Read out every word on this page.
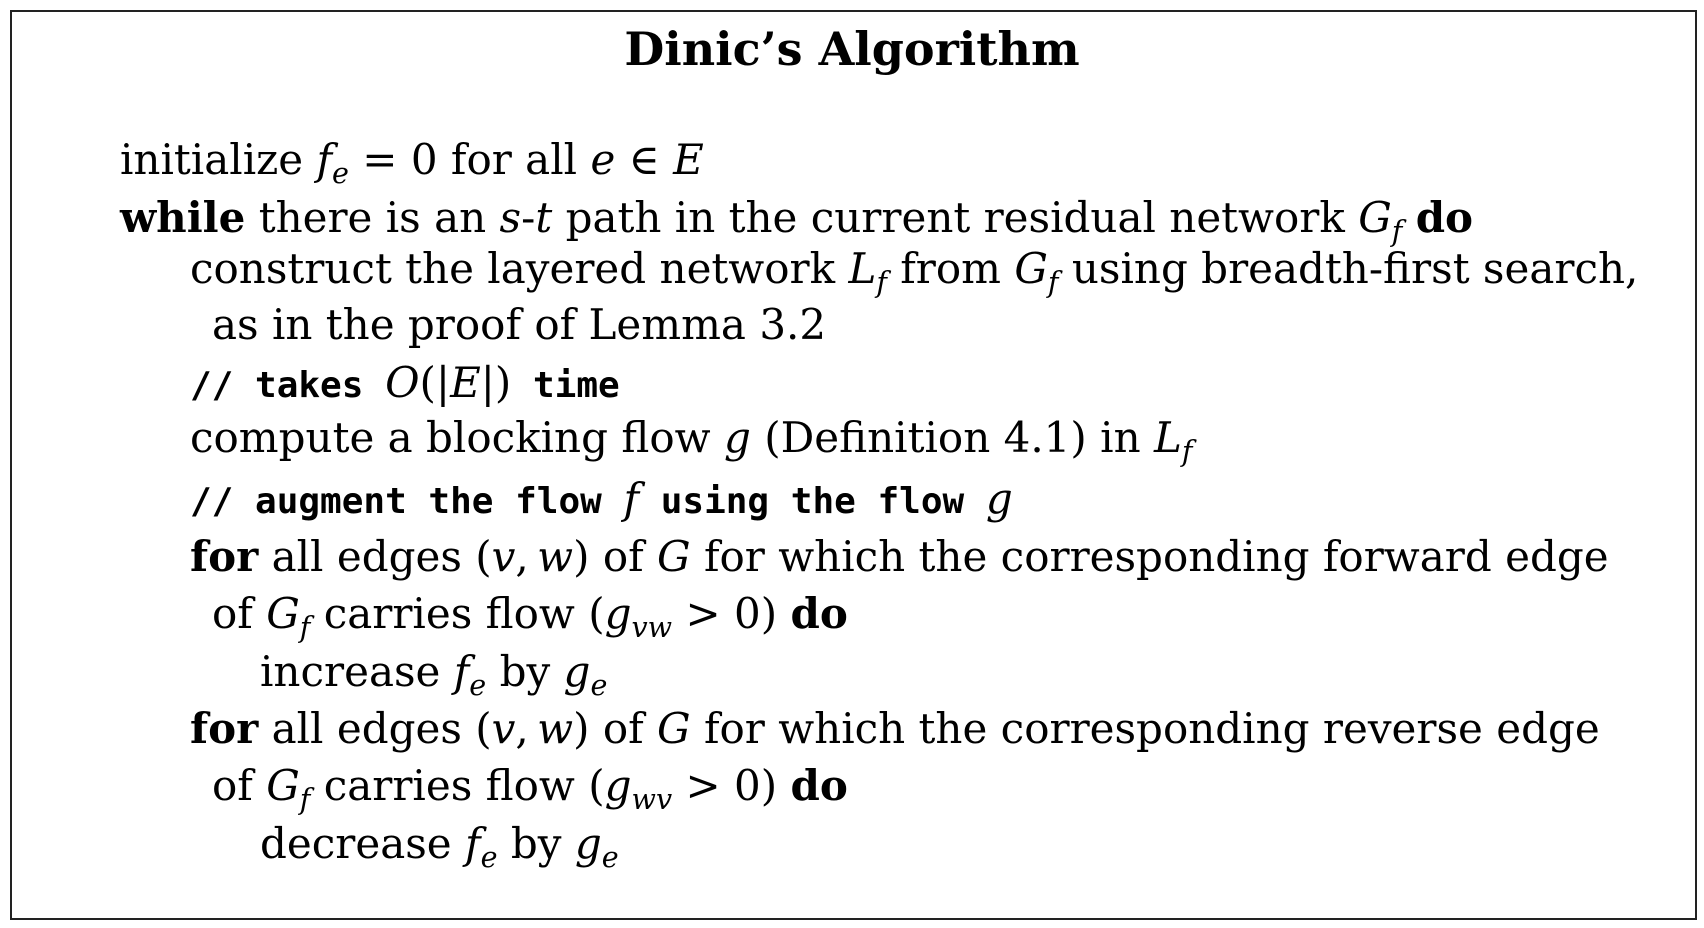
Dinic’s Algorithm
initialize $f_e = 0$ for all e ∈ E
while there is an s-t path in the current residual network $G_f$ do
construct the layered network $L_f$ from $G_f$ using breadth-first search,
as in the proof of Lemma 3.2
// takes O(|E|) time
compute a blocking flow g (Definition 4.1) in $L_f$
// augment the flow f using the flow g
for all edges (v,  w) of G for which the corresponding forward edge
of $G_f$ carries flow $(g_{vw} > 0)$ do
increase $f_e$ by $g_e$
for all edges (v,  w) of G for which the corresponding reverse edge
of $G_f$ carries flow $(g_{wv} > 0)$ do
decrease $f_e$ by $g_e$
